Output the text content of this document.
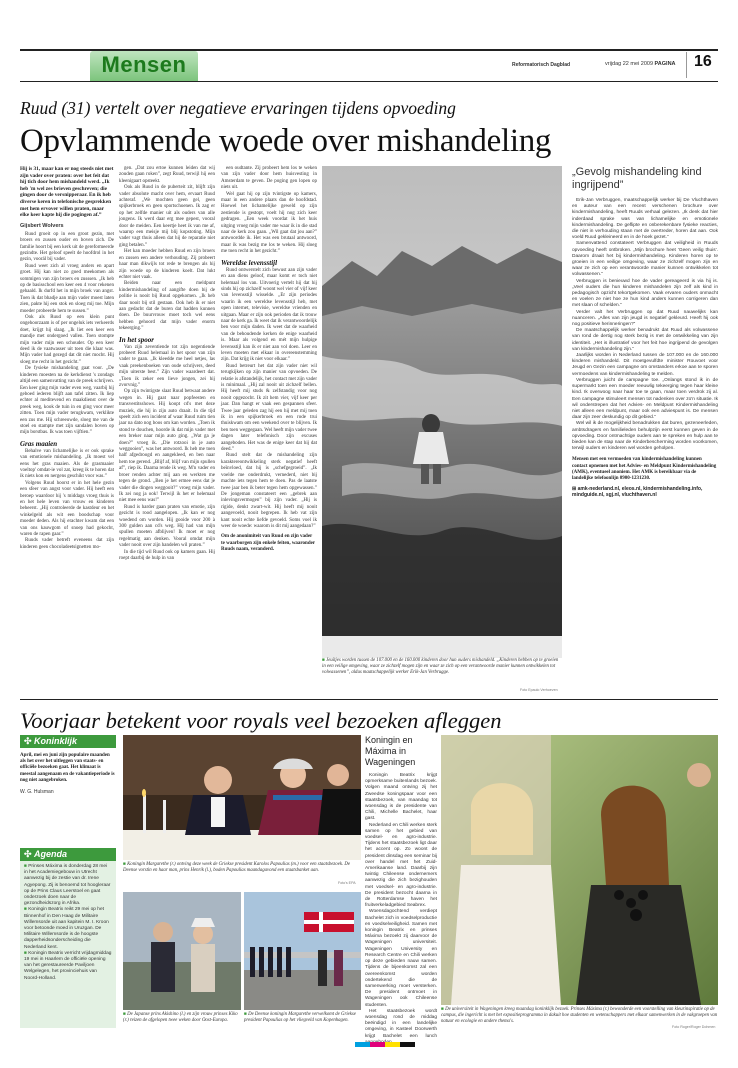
Mensen	Reformatorisch Dagblad	vrijdag 22 mei 2009 PAGINA 16
Ruud (31) vertelt over negatieve ervaringen tijdens opvoeding
Opvlammende woede over mishandeling
Hij is 31, maar kan er nog steeds niet met zijn vader over praten: over het feit dat hij tich door hem mishandeld werd. „Ik heb 'm wel zes brieven geschreven; die gingen door de versnipperaar. En ik heb diverse keren in telefonische gesprekken met hem ervover willen praten, maar elke keer kapte hij die pogingen af.”
Gijsbert Wolvers

Ruud groeit op in een groot gezin, met broers en zussen ouder en boven zich. De familie hoort bij een kerk uit de gereformeerde gezindte. Het geloof speelt de hoofdrol in het gezin, voorál bij vader.

Ruud weet zich al vroeg anders en apart groet. Hij kan niet zo goed meekomen als sommigen van zijn broers en zusssen. „Ik heb op de basisschool een keer een 4 voor rekenen gehaald. Ik durfd het in mijn broek van angst. Toen ik dat bhadje aan mijn vader moest laten zien, pakte hij een stok en sloeg mij toe. Mijn moeder probeerde hem te sussen.”

Ook als Ruud op een klein punt ongehoorzaam is of per ongeluk iets verkeerds doet, krijgt hij slaag. „Ik liet een keer een mandje met ondergoed vallen. Toen stompte mijn vader mijn een schouder. Op een keer deed ik de vaatwasser uit toen die klaar was. Mijn vader had gezegd dat dit niet mocht. Hij sloeg me recht in het gezicht.”

De fysieke mishandeling gaat voor. „De kinderen moesten na de kerkdienst 's zondags altijd een samenvatting van de preek schrijven. Een keer ging mijn vader even weg, vaarbij hij geboed iederen blijft aan tafel zitten. Ik liep echter al meditevend en maakdienst over de preek weg, kook de tuin in en ging voor meer zitten. Toen mijn vader terugkwam, verklikte een zus me. Hij schreeuwde, sloeg me van de stoel en stampte met zijn sandalen boven op mijn borstbas. Ik was toen vijftien.”

Gras maaien

Behalve van lichamelijke is er ook sprake van emotionele mishandeling. „Ik moest vel eens het gras maaien. Als de grasmaaier voeltop' omdat-ie vol zat, kreeg ik te horen dat ik niets kon en nergens geschikt voor was.”

Volgens Ruud hoorst er in het hele gezin een sfeer van angst voor vader. Hij heeft een beroep waardoor hij 's middags vroeg thuis is en het hele leven van vrouw en kinderen beheerst. „Hij controleerde de kastdeur en het winkelgeld als wit een boodschap voor moeder deden. Als hij erachter kwam dat een van ons kauwgom of snoep had gekocht, waren de rapen gaar.”

Ruuds vader betreft eveneens dat zijn kinderen geen chocoladeetsignetten mo-

gen. „Dat zou ertoe kunnen leiden dat wij zouden gaan roken”, zegt Ruud, terwijl hij een kleenigaart opsteekt.

Ook als Ruud in de puberteit zit, blijft zijn vader absolute macht over hem, ervaart Ruud achteraf. „We mochten geen gel, geen spijkerbroek en geen sportschoenen. Ik zag er op het zelfde manier uit als ouders van alle jongens. Ik werd daar erg mee gepest, vooral door de meiden. Een keertje heet ik van me af, waarop een meisje mij blij kopstoting. Mijn vader vagt thuis alleen dat hij de reparatie niet ging betalen.”

Het kan moeder hebben Ruud en zijn broers en zussen een andere verhouding. Zij probeert haar man dikwijls tot rede te brengen als hij zijn woede op de kinderen koelt. Dat lukt echter niet vaak.

Beiden naar een meldpunt kindermishandeling of aangifte doen bij de politie is nooit bij Ruud opgekomen. „Ik heb daar nooit bij stil gestaan. Ook heb ik er niet aan gedacht dat de buren dat hadden kunnen doen. De buurvrouw moet toch wel eens hebben gehoord dat mijn vader enorm tekeerging.”

In het spoor

Van zijn zeventiende tot zijn negentiende probeert Ruud helemaal in het spoor van zijn vader te gaan. „Ik kleedde me heel netjes, las vaak preekenboeken van oude schrijvers, deed mijn uiterste best.” Zijn vader waardeert dat. „Toen ik zeker een lieve jongen, zei hij zvorvnig.”

Op zijn twintigste slaat Ruud betwaat andere wegen in. Hij gaat naar popfeesten en transvestitsshows. Hij koopt cd's met deze muziek, die hij in zijn auto draait. In die tijd speelt zich een incident af waar Ruud ruim tien jaar na dato nog boos om kan worden. „Toen ik stond te douchen, hoorde ik dat mijn vader met een breker naar mijn auto ging. „Wat ga je doen?” vroeg ik. „Die rotzooi in je auto weggooien”, was het antwoord. Ik heb me toen half afgedroogd en aangekleed, en ben naar hem toe gerend. „Blijf af, blijf van mijn spullen af”, riep ik. Daarna rende ik weg. M'n vader en broer renden achter mij aan en werkten me tegen de grond. „Ben je het ermee eens dat je vader die dingen weggooit?” vroeg mijn vader. Ik zei nog ja ook! Terwijl ik het er helemaal niet mee eens was!”

Ruud is harder gaan praten van emotie, zijn gezicht is rood aangelopen. „Ik kan er nog woedend om worden. Hij gooide voor 200 à 300 gulden aan cd's weg. Hij had van mijn spullen moeten afblijven! Ik moet er nog regelmatig aan denken. Vooral omdat mijn vader nooit over zijn handelen wil praten.”

In die tijd wil Ruud ook op kamers gaan. Hij roept daarbij de hulp in van

een oudtante. Zij probeert hem los te weken van zijn vader door hem huisvesting in Amsterdam te geven. De poging gen lopen op niets uit.

Wel gaat hij op zijn tvintigste op kamers, maar in een andere plaats dan de hoofdstad. Hoewel het lichamelijke geweld op zijn zestiende is gestopt, voelt hij nog zich keer gedragen. „Een week voordat ik het huis uitging vroeg mijn vader me waar ik in die stad naar de kerk zou gaan. „Wil gaat dat jou aan?” antwoordde ik. Het was een brutaal antwoord, maar ik was bezig me los te weken. Hij sloeg me toen recht in het gezicht.”

Wereldse levensstijl

Ruud ontwerstelt zich bewust aan zijn vader en aan diens geloof, maar komt er toch niet helemaal los van. Uitvoerig vertelt hij dat hij sinds hij op zichzelf woont wel vier of vijf keer van levensstijl wisselde. „Er zijn periodes waarin ik een wereldse levensstijl heb, met open internet, televisie, wereldse vrienden en uitgaan. Maar er zijn ook perioden dat ik trouw naar de kerk ga. Ik weet dat ik verantwoordelijk ben voor mijn daden. Ik weet dat de waarheid van de behoudende kerken de enige waarheid is. Maar als volgend en mét mijn hulpige levensstijl kan ik er niet aan vol doen. Leer en leven moeten met elkaar in overeenstemming zijn. Dat krijg ik niet voor elkaar.”

Ruud betreurt het dat zijn vader niet wil terugkijken op zijn manier van opvoeden. De relatie is afstandelijk, het contact met zijn vader is minimaal. „Hij zal nooit uit zichzelf bellen. Hij heeft mij studs & zelfstandig voor nog nooit opgezocht. Ik zit hem vier, vijf keer per jaar. Dan hangt er vaak een gespannen sfeer. Twee jaar geleden zag hij een hij met mij toen ik in een spijkerbroek en een rode trui thuiskwam om een weekend over te blijven. Ik ben toen weggegaan. Wel heeft mijn vader twee dagen later telefonisch zijn excuses aangeboden. Het was de enige keer dat hij dat deed.”

Ruud stelt dat de mishandeling zijn karaktereontwikkeling sterk negatief heeft beïnvloed, dat hij is „schefgegroeid”. „Ik voelde me onderdrukt, vernederd, niet bij machte iets tegen hem te doen. Pas de laatste twee jaar ben ik beter tegen hem opgewassen.” De jongeman constateert een „gebrek aan inlevingsvermogen” bij zijn vader. „Hij is rigide, denkt zwart-wit. Hij heeft mij nooit aangevoeld, nooit begrepen. Ik heb vat zijn kant nooit echte liefde gevoeld. Soms voel ik weer de woede: waarom is dit mij aangedaan?”

Om de anonimiteit van Ruud en zijn vader te waarborgen zijn enkele feiten, waaronder Ruuds naam, veranderd.
■ Jeuïtjes worden tussen de 107.000 en de 160.000 kinderen door hun ouders mishandeld. „Kinderen hebben op te groeien in een veilige omgeving, waar ze zichzelf mogen zijn en waar ze zich op een verantwoorde manier kunnen ontwikkelen tot volwassenen”, aldus maatschappelijk werker Erik-Jan Verbrugge.
Foto Epaulo Verhoeven
„Gevolg mishandeling kind ingrijpend”

Erik-Jan Verbruggen, maatschappelijk werker bij De Vluchthaven en auteur van een recent verschenen brochure over kindermishandeling, heeft Ruuds verhaal gelezen. „Ik denk dat hier inderdaad sprake was van lichamelijke en emotionele kindermishandeling. De geflipte en onberekenbare fysieke reacties, die niet in verhouding staan met de overtreder, horen dat aan. Ook voeld Ruud gekleineerd en in de hoek gezet.”

Samenvattend constateert Verbruggen dat veiligheid in Ruuds opvoeding heeft ontbroken. „Mijn brochure heet ‘Geen veilig thuis’. Daarom draait het bij kindermishandeling. Kinderen horen op te groeien in een veilige omgeving, waar ze zichzelf mogen zijn en waar ze zich op een verantwoorde manier kunnen ontwikkelen tot volwassenen.”

Verbruggen is benieuwd hoe de vader gereageerd is via hij is. „Veel ouders die hun kinderen mishandelen zijn zelf als kind in pedagogisch opzicht tekortgekomen. Vaak ervaren ouders onmacht en voelen ze niet hoe ze hun kind anders kunnen corrigeren dan met slaan of schelden.”

Verder valt het Verbruggen op dat Ruud nauwelijks kan nuanceren. „Alles van zijn jeugd is negatief gekleurd. Heeft hij ook nog positieve herinneringen?”

De maatschappelijk werker benadrukt dat Ruud als volwassene van rond de dertig nog sterk bezig is met de ontwikkeling van zijn identiteit. „Het is illustratief voor het feit hoe ingrijpend de gevolgen van kindermishandeling zijn.”

Jaarlijks worden in Nederland tussen de 107.000 en de 160.000 kinderen mishandeld. Dit moetgevulfdte minister Rouvoet voor Jeugd en Gezin een campagne om omstanders erkoe aan te sporen vermoedens van kindermishandeling te melden.

Verbruggen juicht de campagne toe. „Onlangs stond ik in de supermarkt toen een moeder reeuwlig tekeerging tegen haar kleine kind. Ik overwoog naar haar toe te gaan, maar toen verdrok zij al. Een campagne stimuleert mensen tot nadenken over zo'n situatie. Ik wil onderstrepen dat het Advies- en Meldpunt Kindermishandeling niet alleen een meldpunt, maar ook een adviespunt is. De mensen daar zijn zeer deskundig op dit gebied.”

Wel wil ik de mogelijkheid benadrukken dat buren, gezeneerleden, ambtsdragers en familieleden behulpzijn eerst kunnen geven in de opvoeding. Door ontmachtige ouders aan te spreken en hulp aan te bieden kan de stap naar de Kinderbescherming worden voorkomen, terwijl ouders en kinderen wel worden geholpen.

Mensen met een vermoeden van kindermishandeling kunnen contact opnemen met het Advies- en Meldpunt Kindermishandeling (AMK), eventueel anoniem. Het AMK is bereikbaar via de landelijke telefoonlijn 0900-1231230.
⊞ amk-nederland.nl, eleos.nl, kindermishandeling.info, mindguide.nl, sgj.nl, vluchthaven.nl
Voorjaar betekent voor royals veel bezoeken afleggen
✣ Koninklijk
April, mei en juni zijn populaire maanden als het over het uitleggen van staats- en officiële bezoeken gaat. Het klimaat is meestal aangenaam en de vakantieperiode is nog niet aangebroken.
W. G. Hulsman
✣ Agenda
■ Prinses Máxima is donderdag 28 mei in het Academiegebouw in Utrecht aanwezig bij de zestie van dr. Irene Agyepong. Zij is benoemd tot hoogleraar op de Prins Claus Leerstoel en gaat onderzoek doen naar de gezondheidszorg in Afrika.
■ Koningin Beatrix reikt 29 mei op het Binnenhof in Den Haag de Militaire Willemsorde uit aan kapitein M. I. Kroon voor betoonde moed in Uruzgan. De Militaire Willemsorde is de hoogste dapperheidsonderscheiding die Nederland kent.
■ Koningin Beatrix verricht vrijdagmiddag 19 mei in Haarlem de officiële opening van het gerestaureerde Paviljoen Welgelegen, het provinciehuis van Noord-Holland.
■ Koningin Margarethe (r.) ontving deze week de Griekse president Karolos Papoulias (m.) voor een staatsbezoek. De Deense vorstin en haar man, prins Henrik (l.), boden Papoulias maandagavond een staatsbanket aan.
Foto's EPA
■ De Japanse prins Akishino (l.) en zijn vrouw prinses Kiko (r.) reizen de afgelopen twee weken door Oost-Europa.
■ De Deense koningin Margarethe verwelkomt de Griekse president Papoulias op het vliegveld van Kopenhagen.
Koningin en Máxima in Wageningen

Koningin Beatrix krijgt opmerksame buitenlands bezoek. Volgen maand ontving zij het Zweedse koningspaar voor een staatsbezoek, van maandag tot woensdag is de presidente van Chili, Michelle Bachelet, haar gast.

Nederland en Chili werken sterk samen op het gebied van voedsel- en agro-industrie. Tijdens het staatsbezoek ligt daar het accent op. Zo woont de president dinsdag een seminar bij over handel met het Zuid-Amerikaanse land. Daarbij zijn twintig Chileense ondernemers aanwezig die zich bezighouden met voedsel- en agro-industrie. De president bezocht daarna in de Rotterdamse haven het fruitverkeladgebied Seabrex.

Woensdagochtend verdiept Bachelet zich in voedselproductie en voedselveiligheid. Samen met koningin Beatrix en prinses Máxima bezoekt zij daarvoor de Wageningen universiteit. Wageningen University en Research Centre en Chili werken op deze gebieden nauw samen. Tijdens de bijeenkomst zal een overeenkomst worden ondertekend die de samenwerking moet versterken. De president ontmoet in Wageningen ook Chileense studenten.

Het staatsbezoek wordt woensdag rond de middag beëindigd in een landelijke omgeving, in Kasteel Doorwerth krijgt Bachelet een lunch

■ De universiteit in Wageningen kreeg maandag koninklijk bezoek. Prinses Máxima (r.) bewonderde een voorstelling van kleurinspiratie op de campus, die ingericht is met het expositieprogramma in dakuit hoe studenten en wetenschappers met elkaar samenwerken in de vakgroepen van natuur en ecologie en andere thema's.
Foto Roger/Roger Dohmen
